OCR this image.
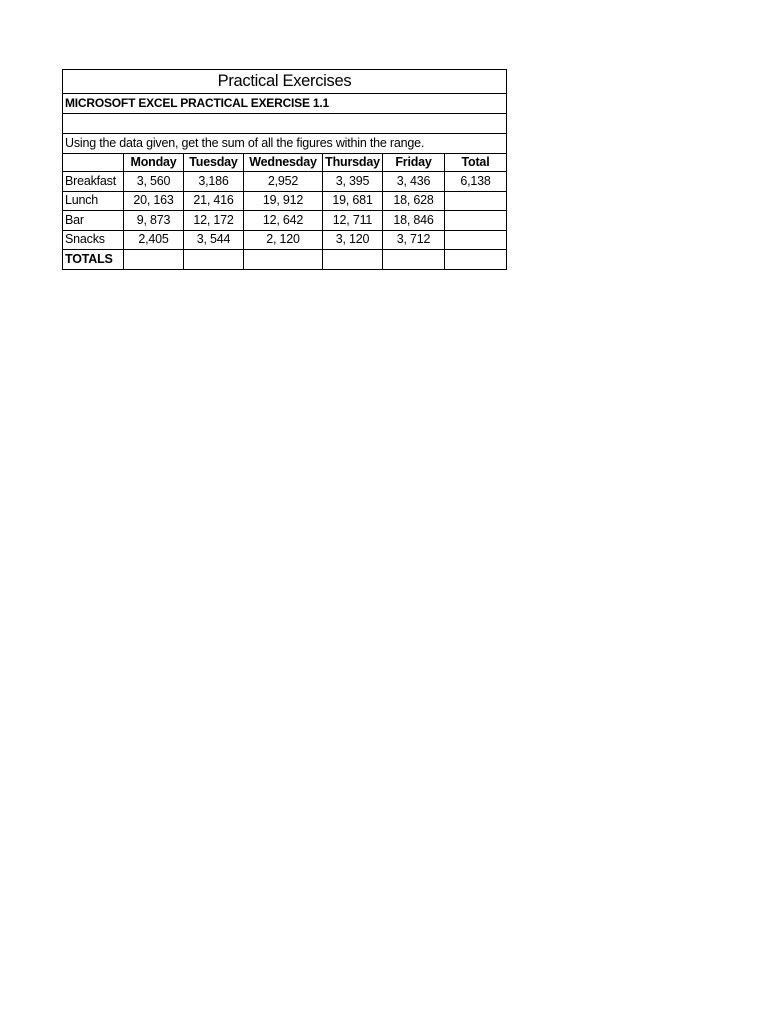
Practical Exercises						
MICROSOFT EXCEL PRACTICAL EXERCISE 1.1						

Using the data given, get the sum of all the figures within the range.						
	Monday	Tuesday	Wednesday	Thursday	Friday	Total
Breakfast	3, 560	3,186	2,952	3, 395	3, 436	6,138
Lunch	20, 163	21, 416	19, 912	19, 681	18, 628	
Bar	9, 873	12, 172	12, 642	12, 711	18, 846	
Snacks	2,405	3, 544	2, 120	3, 120	3, 712	
TOTALS						
